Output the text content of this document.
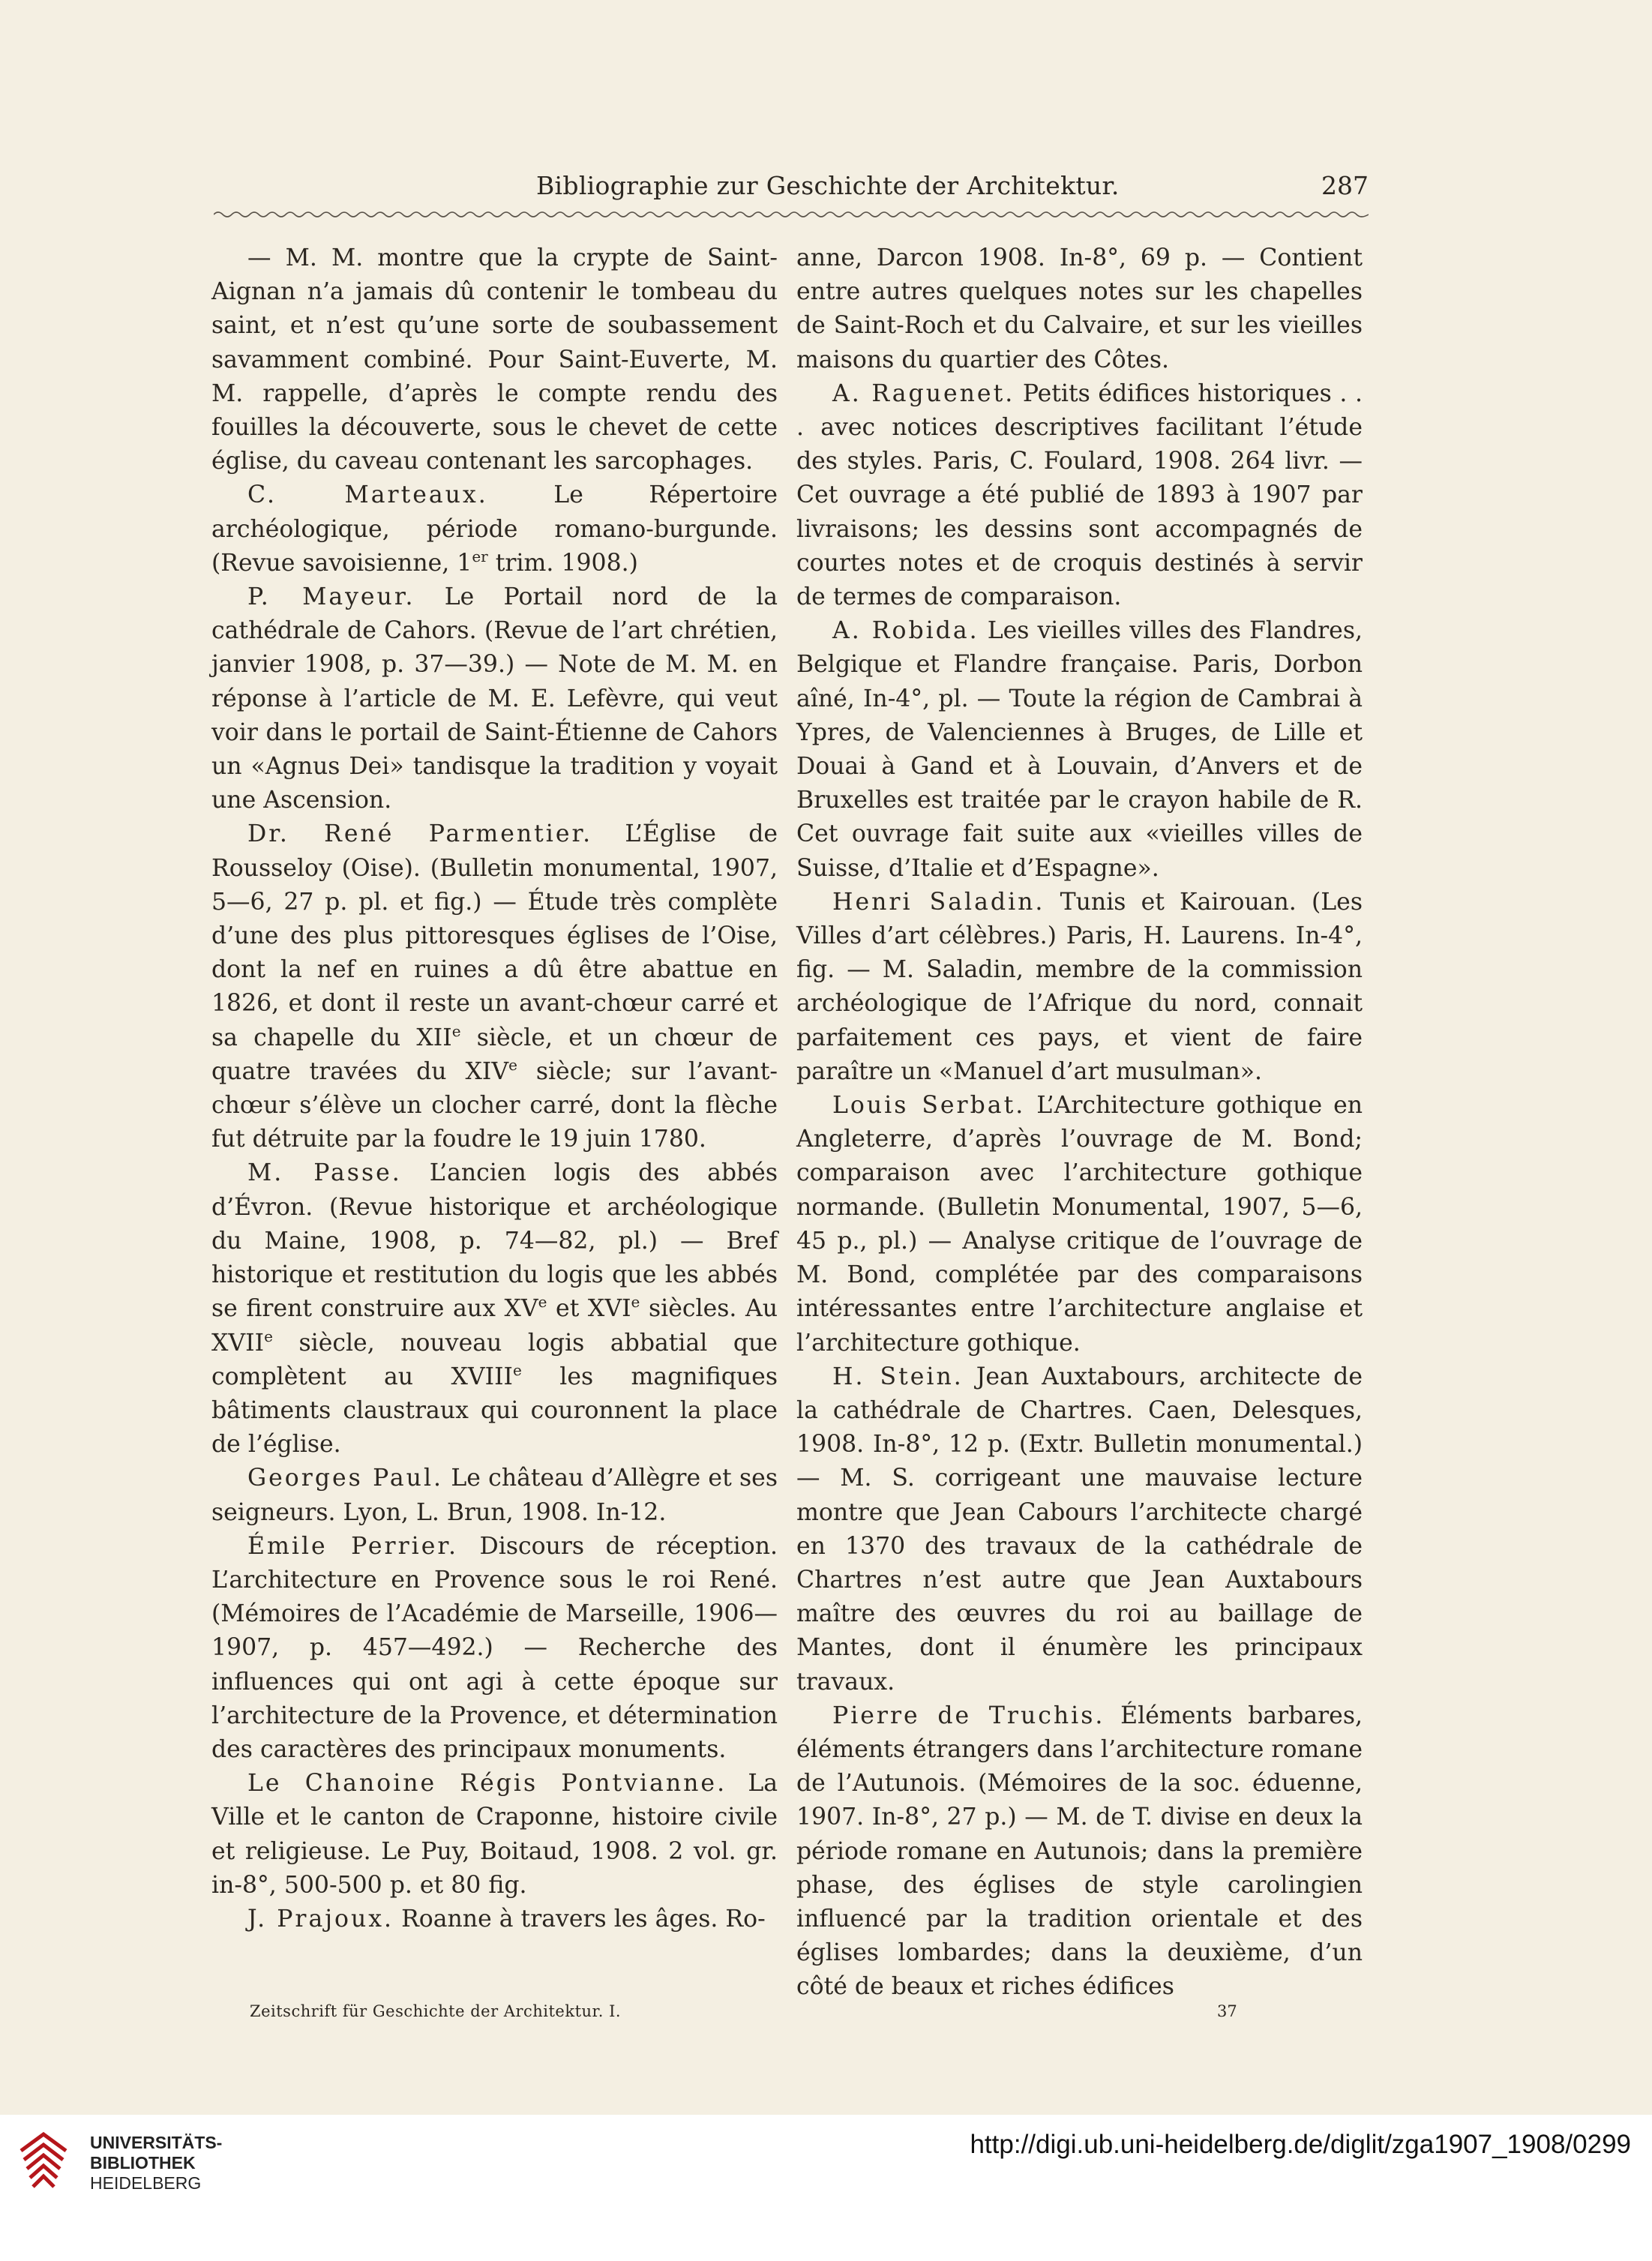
Bibliographie zur Geschichte der Architektur.	287

— M. M. montre que la crypte de Saint-Aignan n’a jamais dû contenir le tombeau du saint, et n’est qu’une sorte de soubassement savamment combiné. Pour Saint-Euverte, M. M. rappelle, d’après le compte rendu des fouilles la découverte, sous le chevet de cette église, du caveau contenant les sarcophages.

C. Marteaux.	Le Répertoire archéologique, période romano-burgunde. (Revue savoisienne, 1er trim. 1908.)

P. Mayeur. Le Portail nord de la cathédrale de Cahors. (Revue de l’art chrétien, janvier 1908, p. 37—39.) — Note de M. M. en réponse à l’article de M. E. Lefèvre, qui veut voir dans le portail de Saint-Étienne de Cahors un «Agnus Dei» tandisque la tradition y voyait une Ascension.

Dr. René Parmentier. L’Église de Rousseloy (Oise). (Bulletin monumental, 1907, 5—6, 27 p. pl. et fig.) — Étude très complète d’une des plus pittoresques églises de l’Oise, dont la nef en ruines a dû être abattue en 1826, et dont il reste un avant-chœur carré et sa chapelle du XIIe siècle, et un chœur de quatre travées du XIVe siècle; sur l’avant-chœur s’élève un clocher carré, dont la flèche fut détruite par la foudre le 19 juin 1780.

M. Passe. L’ancien logis des abbés d’Évron. (Revue historique et archéologique du Maine, 1908, p. 74—82, pl.) — Bref historique et restitution du logis que les abbés se firent construire aux XVe et XVIe siècles. Au XVIIe siècle, nouveau logis abbatial que complètent au XVIIIe les magnifiques bâtiments claustraux qui couronnent la place de l’église.

Georges Paul. Le château d’Allègre et ses seigneurs. Lyon, L. Brun, 1908. In-12.

Émile Perrier. Discours de réception. L’architecture en Provence sous le roi René. (Mémoires de l’Académie de Marseille, 1906—1907, p. 457—492.) — Recherche des influences qui ont agi à cette époque sur l’architecture de la Provence, et détermination des caractères des principaux monuments.

Le Chanoine Régis Pontvianne. La Ville et le canton de Craponne, histoire civile et religieuse. Le Puy, Boitaud, 1908. 2 vol. gr. in-8°, 500-500 p. et 80 fig.

J. Prajoux. Roanne à travers les âges. Ro-

anne, Darcon 1908. In-8°, 69 p. — Contient entre autres quelques notes sur les chapelles de Saint-Roch et du Calvaire, et sur les vieilles maisons du quartier des Côtes.

A. Raguenet. Petits édifices historiques . . . avec notices descriptives facilitant l’étude des styles. Paris, C. Foulard, 1908. 264 livr. — Cet ouvrage a été publié de 1893 à 1907 par livraisons; les dessins sont accompagnés de courtes notes et de croquis destinés à servir de termes de comparaison.

A. Robida. Les vieilles villes des Flandres, Belgique et Flandre française. Paris, Dorbon aîné, In-4°, pl. — Toute la région de Cambrai à Ypres, de Valenciennes à Bruges, de Lille et Douai à Gand et à Louvain, d’Anvers et de Bruxelles est traitée par le crayon habile de R. Cet ouvrage fait suite aux «vieilles villes de Suisse, d’Italie et d’Espagne».

Henri Saladin. Tunis et Kairouan. (Les Villes d’art célèbres.) Paris, H. Laurens. In-4°, fig. — M. Saladin, membre de la commission archéologique de l’Afrique du nord, connait parfaitement ces pays, et vient de faire paraître un «Manuel d’art musulman».

Louis Serbat. L’Architecture gothique en Angleterre, d’après l’ouvrage de M. Bond; comparaison avec l’architecture gothique normande. (Bulletin Monumental, 1907, 5—6, 45 p., pl.) — Analyse critique de l’ouvrage de M. Bond, complétée par des comparaisons intéressantes entre l’architecture anglaise et l’architecture gothique.

H. Stein. Jean Auxtabours, architecte de la cathédrale de Chartres. Caen, Delesques, 1908. In-8°, 12 p. (Extr. Bulletin monumental.) — M. S. corrigeant une mauvaise lecture montre que Jean Cabours l’architecte chargé en 1370 des travaux de la cathédrale de Chartres n’est autre que Jean Auxtabours maître des œuvres du roi au baillage de Mantes, dont il énumère les principaux travaux.

Pierre de Truchis. Éléments barbares, éléments étrangers dans l’architecture romane de l’Autunois. (Mémoires de la soc. éduenne, 1907. In-8°, 27 p.) — M. de T. divise en deux la période romane en Autunois; dans la première phase, des églises de style carolingien influencé par la tradition orientale et des églises lombardes; dans la deuxième, d’un côté de beaux et riches édifices

Zeitschrift für Geschichte der Architektur. I.	37
UNIVERSITÄTS-
BIBLIOTHEK
HEIDELBERG
http://digi.ub.uni-heidelberg.de/diglit/zga1907_1908/0299
